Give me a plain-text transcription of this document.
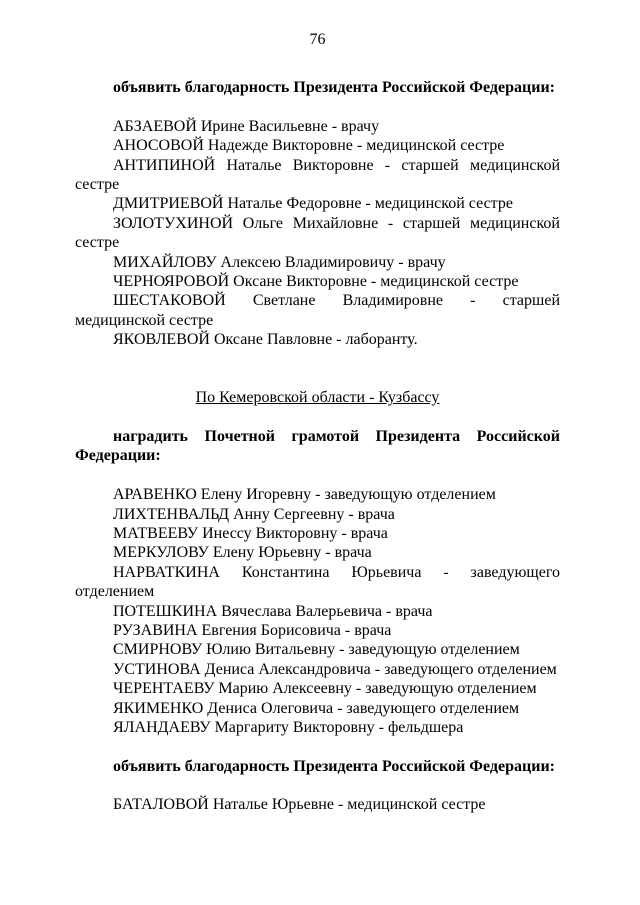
76
объявить благодарность Президента Российской Федерации:
АБЗАЕВОЙ Ирине Васильевне - врачу
АНОСОВОЙ Надежде Викторовне - медицинской сестре
АНТИПИНОЙ Наталье Викторовне - старшей медицинской
сестре
ДМИТРИЕВОЙ Наталье Федоровне - медицинской сестре
ЗОЛОТУХИНОЙ Ольге Михайловне - старшей медицинской
сестре
МИХАЙЛОВУ Алексею Владимировичу - врачу
ЧЕРНОЯРОВОЙ Оксане Викторовне - медицинской сестре
ШЕСТАКОВОЙ Светлане Владимировне - старшей
медицинской сестре
ЯКОВЛЕВОЙ Оксане Павловне - лаборанту.
По Кемеровской области - Кузбассу
наградить Почетной грамотой Президента Российской
Федерации:
АРАВЕНКО Елену Игоревну - заведующую отделением
ЛИХТЕНВАЛЬД Анну Сергеевну - врача
МАТВЕЕВУ Инессу Викторовну - врача
МЕРКУЛОВУ Елену Юрьевну - врача
НАРВАТКИНА Константина Юрьевича - заведующего
отделением
ПОТЕШКИНА Вячеслава Валерьевича - врача
РУЗАВИНА Евгения Борисовича - врача
СМИРНОВУ Юлию Витальевну - заведующую отделением
УСТИНОВА Дениса Александровича - заведующего отделением
ЧЕРЕНТАЕВУ Марию Алексеевну - заведующую отделением
ЯКИМЕНКО Дениса Олеговича - заведующего отделением
ЯЛАНДАЕВУ Маргариту Викторовну - фельдшера
объявить благодарность Президента Российской Федерации:
БАТАЛОВОЙ Наталье Юрьевне - медицинской сестре
